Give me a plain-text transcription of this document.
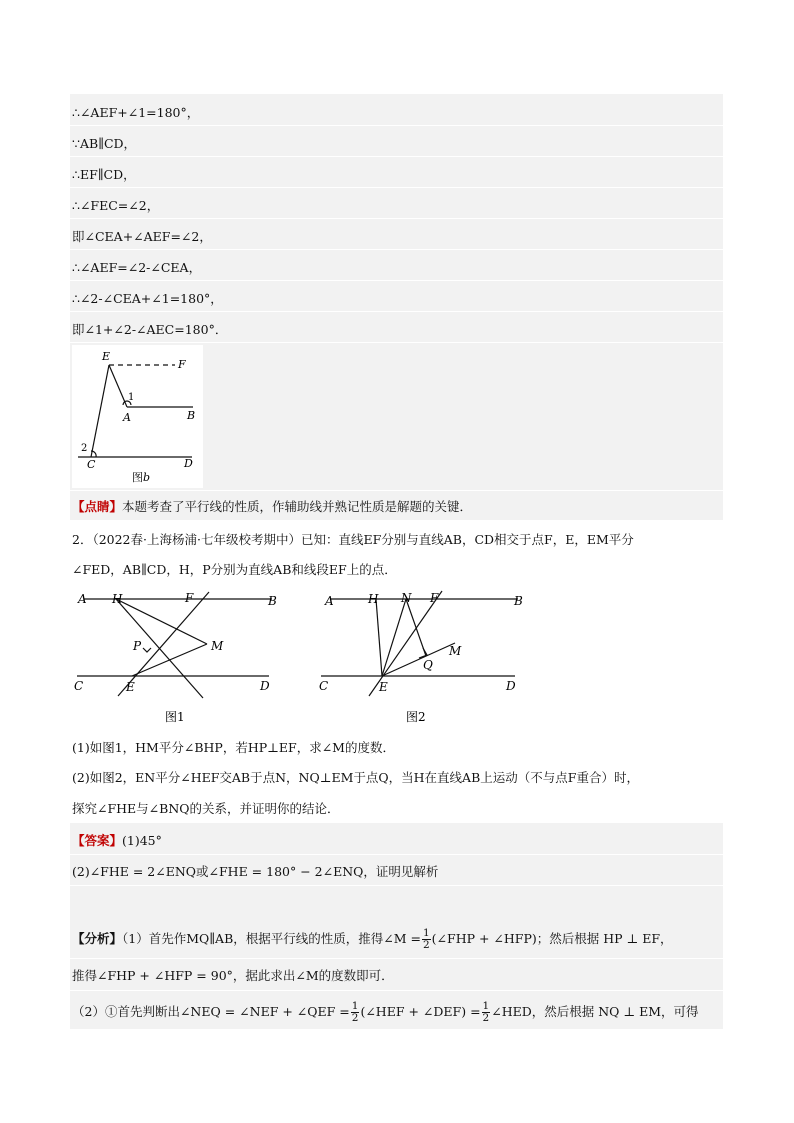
∴∠AEF+∠1=180°，
∵AB∥CD，
∴EF∥CD，
∴∠FEC=∠2，
即∠CEA+∠AEF=∠2，
∴∠AEF=∠2-∠CEA，
∴∠2-∠CEA+∠1=180°，
即∠1+∠2-∠AEC=180°．
E
F
1
A	B
2
C	D
图b
【点睛】本题考查了平行线的性质，作辅助线并熟记性质是解题的关键．
2．（2022春·上海杨浦·七年级校考期中）已知：直线EF分别与直线AB，CD相交于点F，E，EM平分
∠FED，AB∥CD，H，P分别为直线AB和线段EF上的点．
A H	F	B
P	M
C	E	D
图1
A	H N F	B
M
Q
C	E	D
图2
(1)如图1，HM平分∠BHP，若HP⊥EF，求∠M的度数．
(2)如图2，EN平分∠HEF交AB于点N，NQ⊥EM于点Q，当H在直线AB上运动（不与点F重合）时，
探究∠FHE与∠BNQ的关系，并证明你的结论．
【答案】(1)45°
(2)∠FHE = 2∠ENQ或∠FHE = 180° − 2∠ENQ，证明见解析
【分析】（1）首先作MQ∥AB，根据平行线的性质，推得∠M = $\frac{1}{2}$ (∠FHP + ∠HFP)；然后根据 HP ⊥ EF，
推得∠FHP + ∠HFP = 90°，据此求出∠M的度数即可．
（2）①首先判断出∠NEQ = ∠NEF + ∠QEF = $\frac{1}{2}$ (∠HEF + ∠DEF) = $\frac{1}{2}$ ∠HED，然后根据 NQ ⊥ EM，可得
